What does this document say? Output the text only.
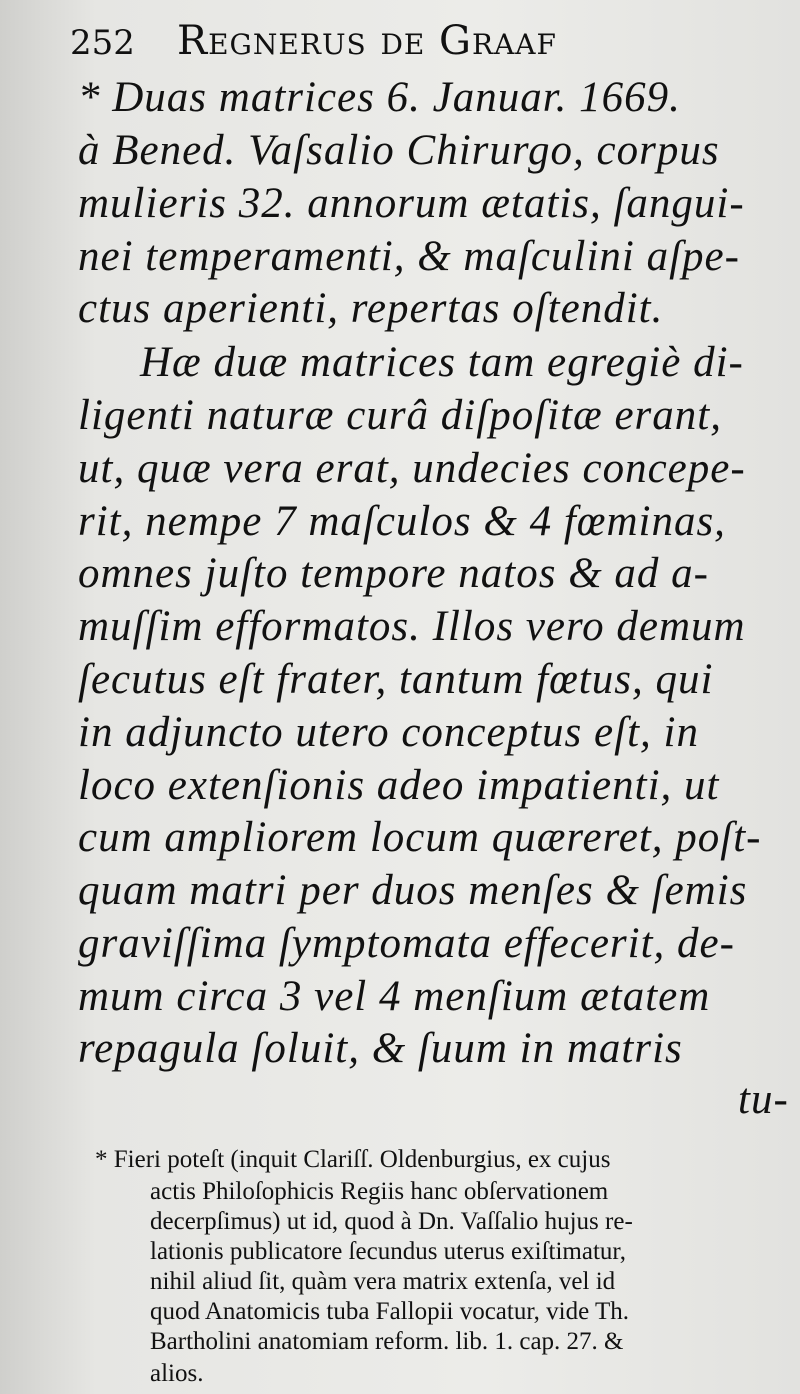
252 Regnerus de Graaf
* Duas matrices 6. Januar. 1669.
à Bened. Vaſsalio Chirurgo, corpus
mulieris 32. annorum ætatis, ſangui-
nei temperamenti, & maſculini aſpe-
ctus aperienti, repertas oſtendit.
Hæ duæ matrices tam egregiè di-
ligenti naturæ curâ diſpoſitæ erant,
ut, quæ vera erat, undecies concepe-
rit, nempe 7 maſculos & 4 fœminas,
omnes juſto tempore natos & ad a-
muſſim efformatos. Illos vero demum
ſecutus eſt frater, tantum fœtus, qui
in adjuncto utero conceptus eſt, in
loco extenſionis adeo impatienti, ut
cum ampliorem locum quæreret, poſt-
quam matri per duos menſes & ſemis
graviſſima ſymptomata effecerit, de-
mum circa 3 vel 4 menſium ætatem
repagula ſoluit, & ſuum in matris
tu-
* Fieri poteſt (inquit Clariſſ. Oldenburgius, ex cujus
actis Philoſophicis Regiis hanc obſervationem
decerpſimus) ut id, quod à Dn. Vaſſalio hujus re-
lationis publicatore ſecundus uterus exiſtimatur,
nihil aliud ſit, quàm vera matrix extenſa, vel id
quod Anatomicis tuba Fallopii vocatur, vide Th.
Bartholini anatomiam reform. lib. 1. cap. 27. &
alios.
